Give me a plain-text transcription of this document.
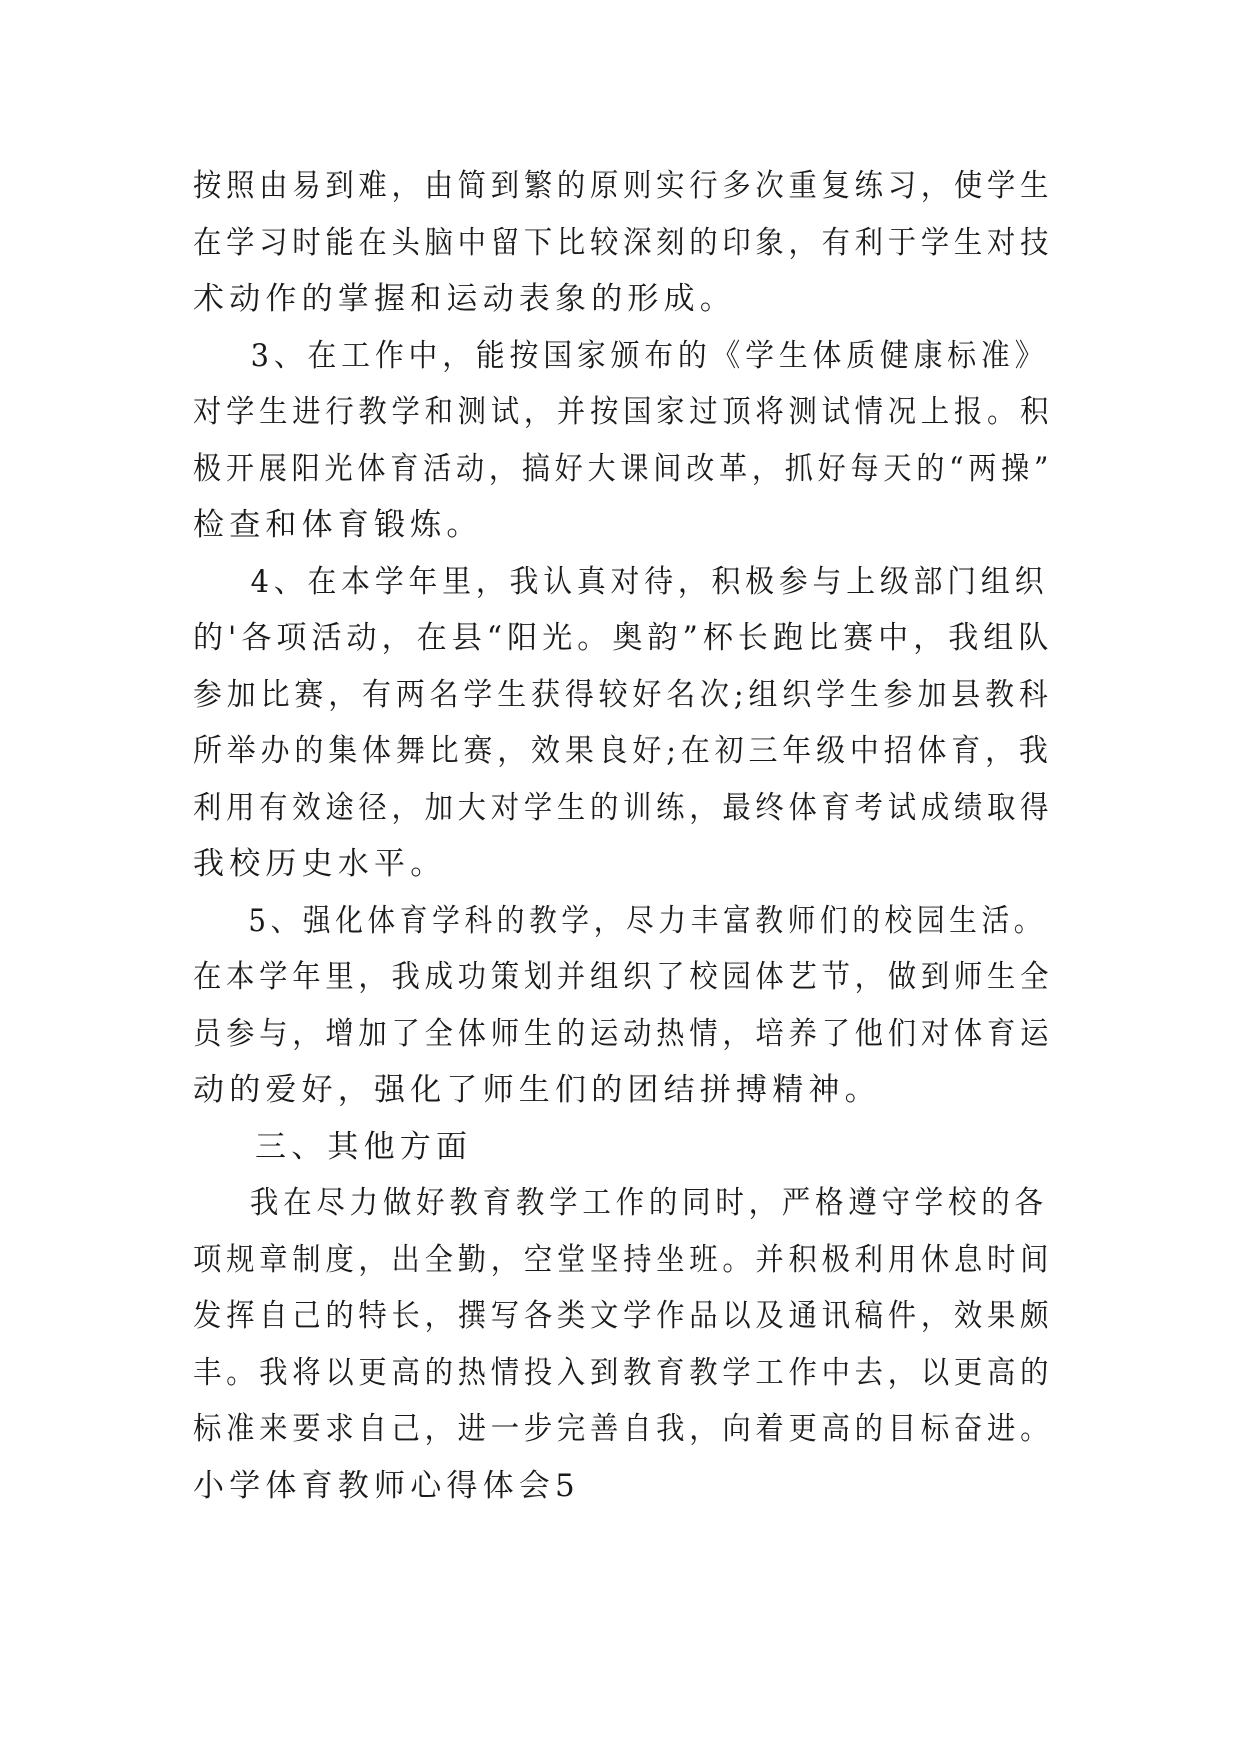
按照由易到难，由简到繁的原则实行多次重复练习，使学生
在学习时能在头脑中留下比较深刻的印象，有利于学生对技
术动作的掌握和运动表象的形成。
3、在工作中，能按国家颁布的《学生体质健康标准》
对学生进行教学和测试，并按国家过顶将测试情况上报。积
极开展阳光体育活动，搞好大课间改革，抓好每天的“两操”
检查和体育锻炼。
4、在本学年里，我认真对待，积极参与上级部门组织
的'各项活动，在县“阳光。奥韵”杯长跑比赛中，我组队
参加比赛，有两名学生获得较好名次;组织学生参加县教科
所举办的集体舞比赛，效果良好;在初三年级中招体育，我
利用有效途径，加大对学生的训练，最终体育考试成绩取得
我校历史水平。
5、强化体育学科的教学，尽力丰富教师们的校园生活。
在本学年里，我成功策划并组织了校园体艺节，做到师生全
员参与，增加了全体师生的运动热情，培养了他们对体育运
动的爱好，强化了师生们的团结拼搏精神。
三、其他方面
我在尽力做好教育教学工作的同时，严格遵守学校的各
项规章制度，出全勤，空堂坚持坐班。并积极利用休息时间
发挥自己的特长，撰写各类文学作品以及通讯稿件，效果颇
丰。我将以更高的热情投入到教育教学工作中去，以更高的
标准来要求自己，进一步完善自我，向着更高的目标奋进。
小学体育教师心得体会5
